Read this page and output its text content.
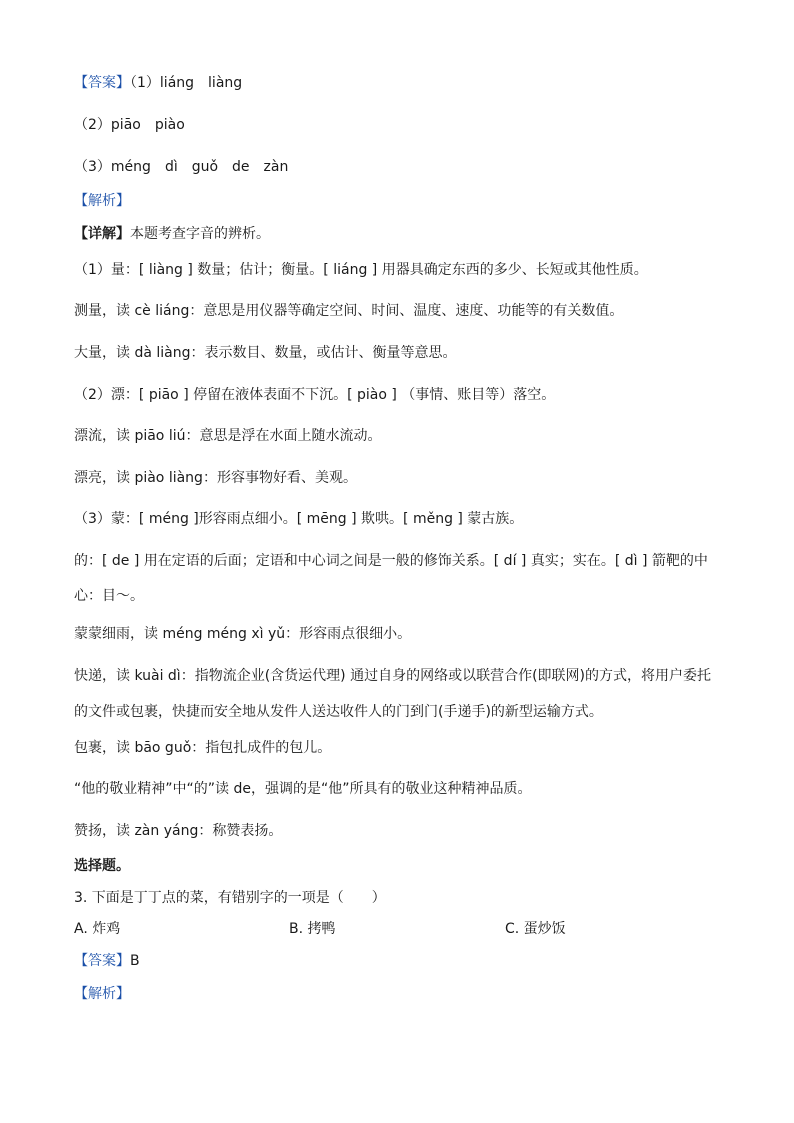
【答案】（1）liáng liàng
（2）piāo piào
（3）méng dì guǒ de zàn
【解析】
【详解】本题考查字音的辨析。
（1）量：[ liàng ] 数量；估计；衡量。[ liáng ] 用器具确定东西的多少、长短或其他性质。
测量，读 cè liáng：意思是用仪器等确定空间、时间、温度、速度、功能等的有关数值。
大量，读 dà liàng：表示数目、数量，或估计、衡量等意思。
（2）漂：[ piāo ] 停留在液体表面不下沉。[ piào ] （事情、账目等）落空。
漂流，读 piāo liú：意思是浮在水面上随水流动。
漂亮，读 piào liàng：形容事物好看、美观。
（3）蒙：[ méng ]形容雨点细小。[ mēng ] 欺哄。[ měng ] 蒙古族。
的：[ de ] 用在定语的后面；定语和中心词之间是一般的修饰关系。[ dí ] 真实；实在。[ dì ] 箭靶的中
心：目～。
蒙蒙细雨，读 méng méng xì yǔ：形容雨点很细小。
快递，读 kuài dì：指物流企业(含货运代理) 通过自身的网络或以联营合作(即联网)的方式，将用户委托
的文件或包裹，快捷而安全地从发件人送达收件人的门到门(手递手)的新型运输方式。
包裹，读 bāo guǒ：指包扎成件的包儿。
“他的敬业精神”中“的”读 de，强调的是“他”所具有的敬业这种精神品质。
赞扬，读 zàn yáng：称赞表扬。
选择题。
3. 下面是丁丁点的菜，有错别字的一项是（　　）
A. 炸鸡	B. 拷鸭	C. 蛋炒饭
【答案】B
【解析】
